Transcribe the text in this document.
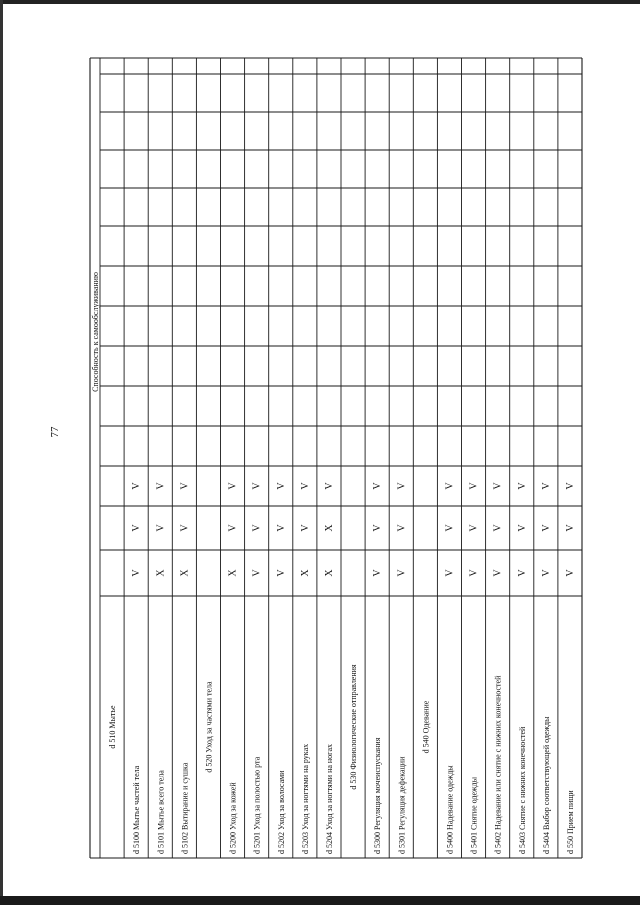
77
Способность к самообслуживанию
d 510 Мытье
d 5100 Мытье частей тела
V
V
V
d 5101 Мытье всего тела
X
V
V
d 5102 Вытирание и сушка
X
V
V
d 520 Уход за частями тела
d 5200 Уход за кожей
X
V
V
d 5201 Уход за полостью рта
V
V
V
d 5202 Уход за волосами
V
V
V
d 5203 Уход за ногтями на руках
X
V
V
d 5204 Уход за ногтями на ногах
X
X
V
d 530 Физиологические отправления
d 5300 Регуляция мочеиспускания
V
V
V
d 5301 Регуляция дефекации
V
V
V
d 540 Одевание
d 5400 Надевание одежды
V
V
V
d 5401 Снятие одежды
V
V
V
d 5402 Надевание или снятие с нижних конечностей
V
V
V
d 5403 Снятие с нижних конечностей
V
V
V
d 5404 Выбор соответствующей одежды
V
V
V
d 550 Прием пищи
V
V
V
